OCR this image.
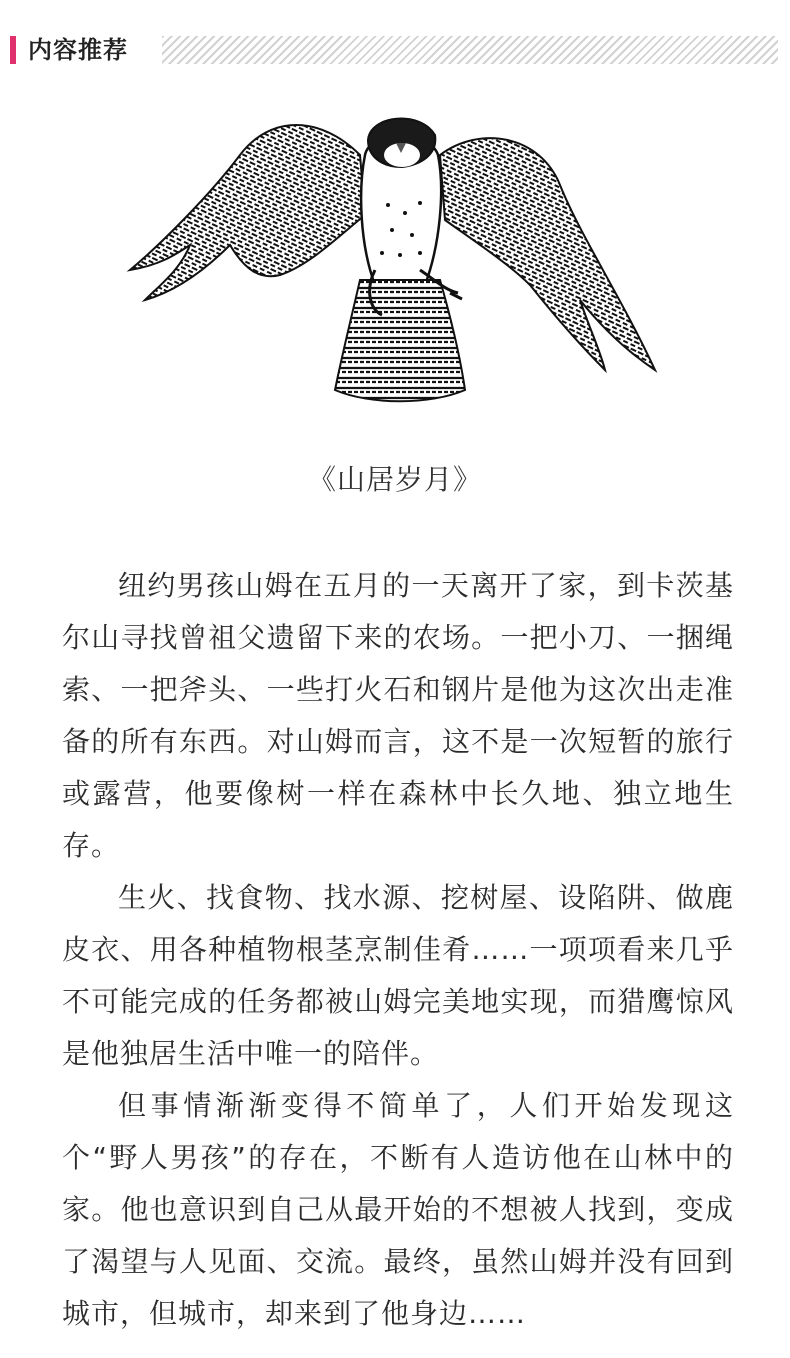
内容推荐
《山居岁月》

纽约男孩山姆在五月的一天离开了家，到卡茨基尔山寻找曾祖父遗留下来的农场。一把小刀、一捆绳索、一把斧头、一些打火石和钢片是他为这次出走准备的所有东西。对山姆而言，这不是一次短暂的旅行或露营，他要像树一样在森林中长久地、独立地生存。

生火、找食物、找水源、挖树屋、设陷阱、做鹿皮衣、用各种植物根茎烹制佳肴……一项项看来几乎不可能完成的任务都被山姆完美地实现，而猎鹰惊风是他独居生活中唯一的陪伴。

但事情渐渐变得不简单了，人们开始发现这个“野人男孩”的存在，不断有人造访他在山林中的家。他也意识到自己从最开始的不想被人找到，变成了渴望与人见面、交流。最终，虽然山姆并没有回到城市，但城市，却来到了他身边……
